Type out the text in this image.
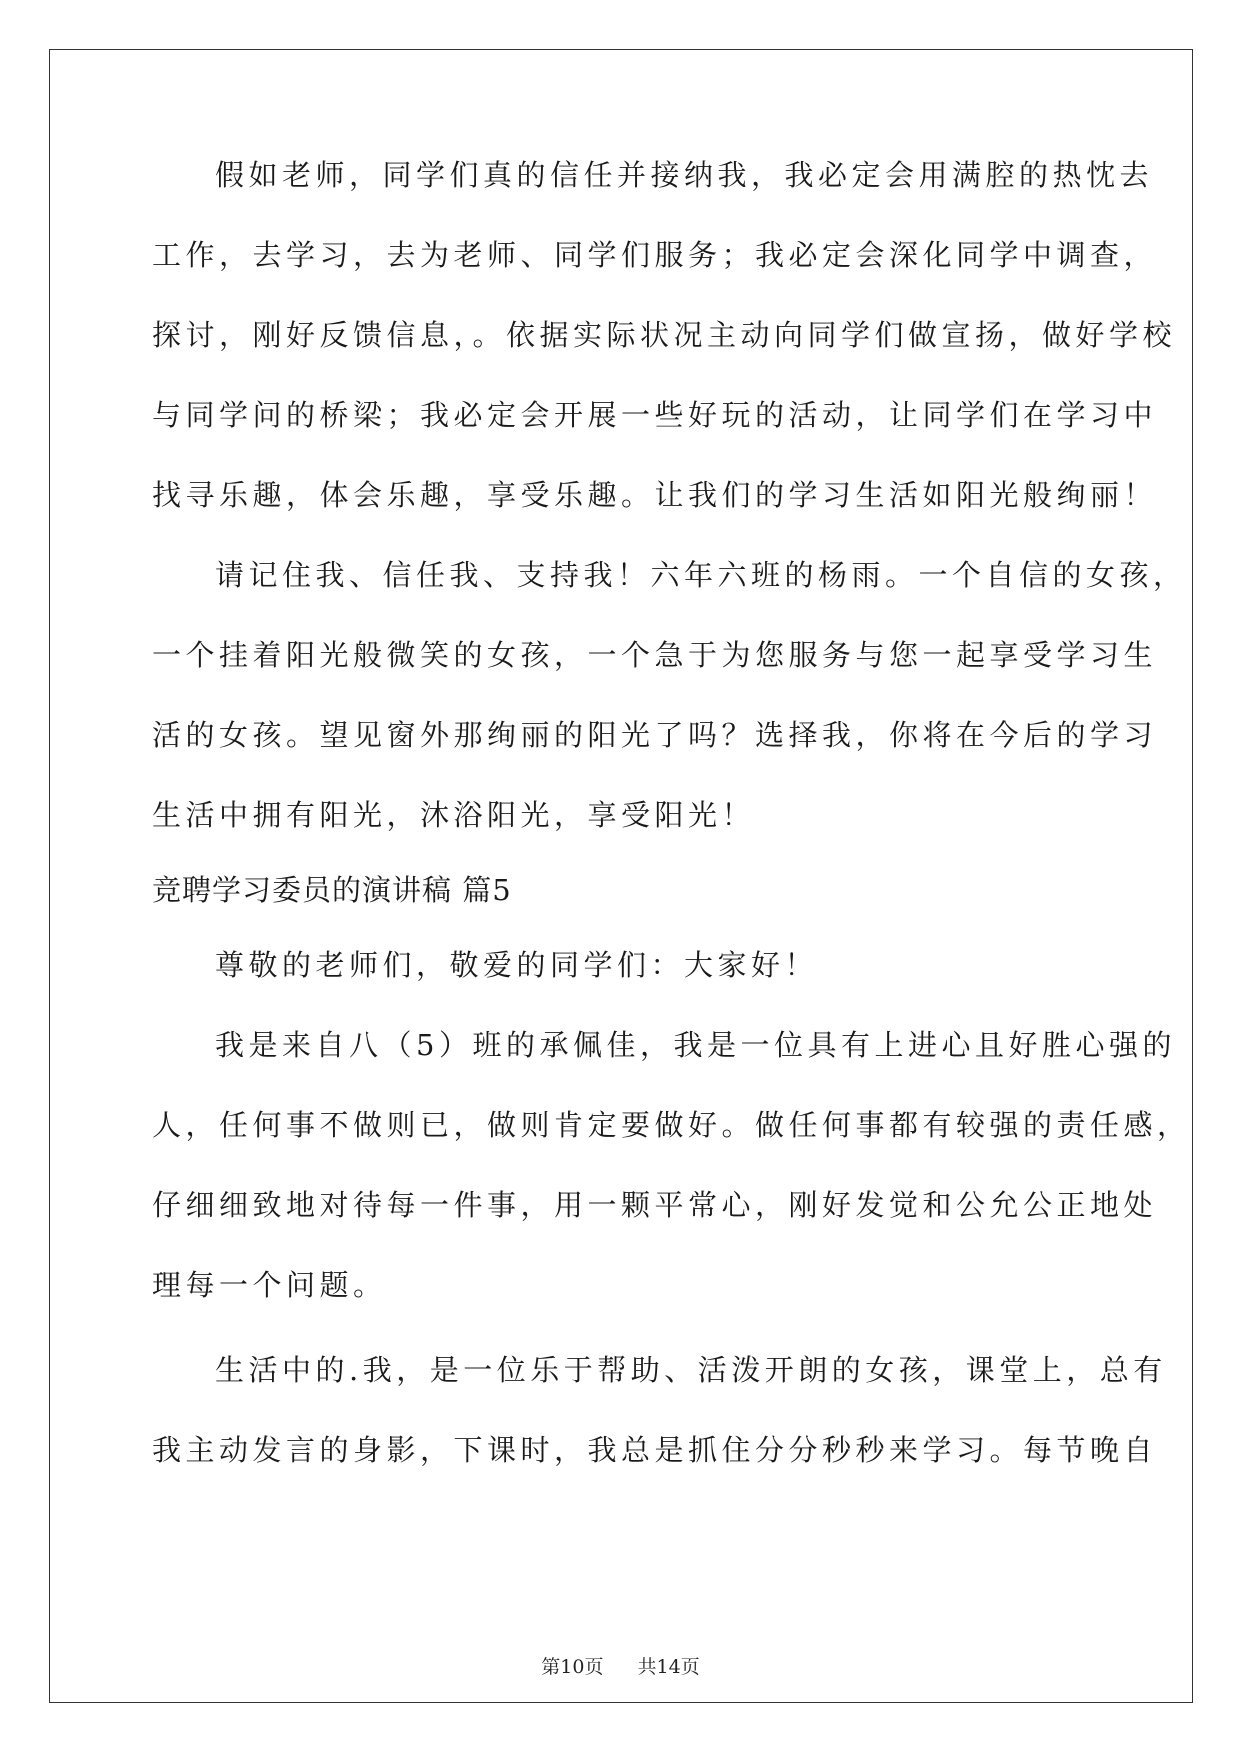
假如老师，同学们真的信任并接纳我，我必定会用满腔的热忱去
工作，去学习，去为老师、同学们服务；我必定会深化同学中调查，
探讨，刚好反馈信息，。依据实际状况主动向同学们做宣扬，做好学校
与同学问的桥梁；我必定会开展一些好玩的活动，让同学们在学习中
找寻乐趣，体会乐趣，享受乐趣。让我们的学习生活如阳光般绚丽！
请记住我、信任我、支持我！六年六班的杨雨。一个自信的女孩，
一个挂着阳光般微笑的女孩，一个急于为您服务与您一起享受学习生
活的女孩。望见窗外那绚丽的阳光了吗？选择我，你将在今后的学习
生活中拥有阳光，沐浴阳光，享受阳光！
竞聘学习委员的演讲稿 篇5
尊敬的老师们，敬爱的同学们：大家好！
我是来自八（5）班的承佩佳，我是一位具有上进心且好胜心强的
人，任何事不做则已，做则肯定要做好。做任何事都有较强的责任感，
仔细细致地对待每一件事，用一颗平常心，刚好发觉和公允公正地处
理每一个问题。
生活中的.我，是一位乐于帮助、活泼开朗的女孩，课堂上，总有
我主动发言的身影，下课时，我总是抓住分分秒秒来学习。每节晚自
第10页 共14页
